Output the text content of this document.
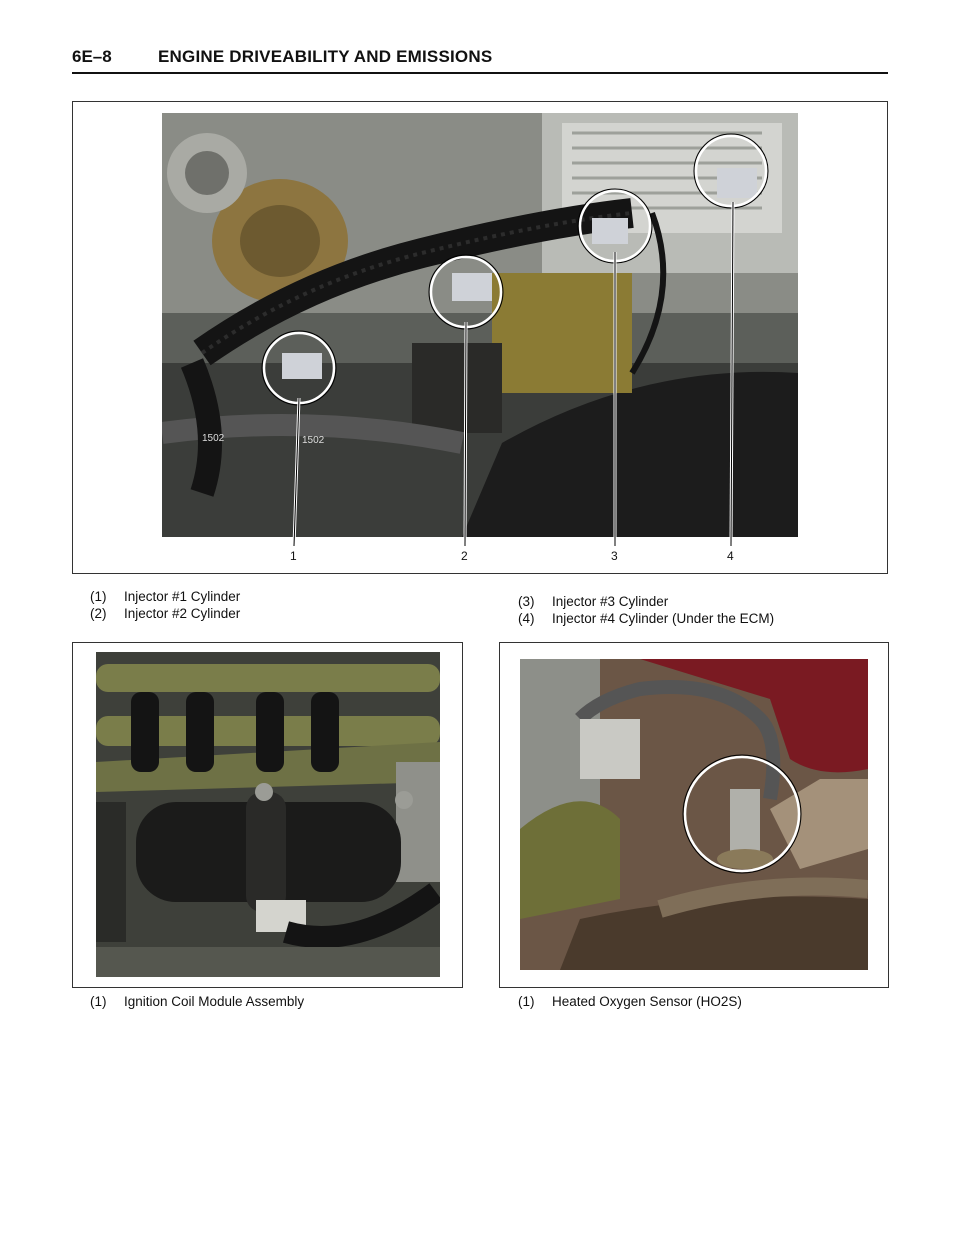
6E–8	ENGINE DRIVEABILITY AND EMISSIONS
1502	1502
1	2	3	4
(1) Injector #1 Cylinder
(2) Injector #2 Cylinder
(3) Injector #3 Cylinder
(4) Injector #4 Cylinder (Under the ECM)
(1) Ignition Coil Module Assembly	(1) Heated Oxygen Sensor (HO2S)
